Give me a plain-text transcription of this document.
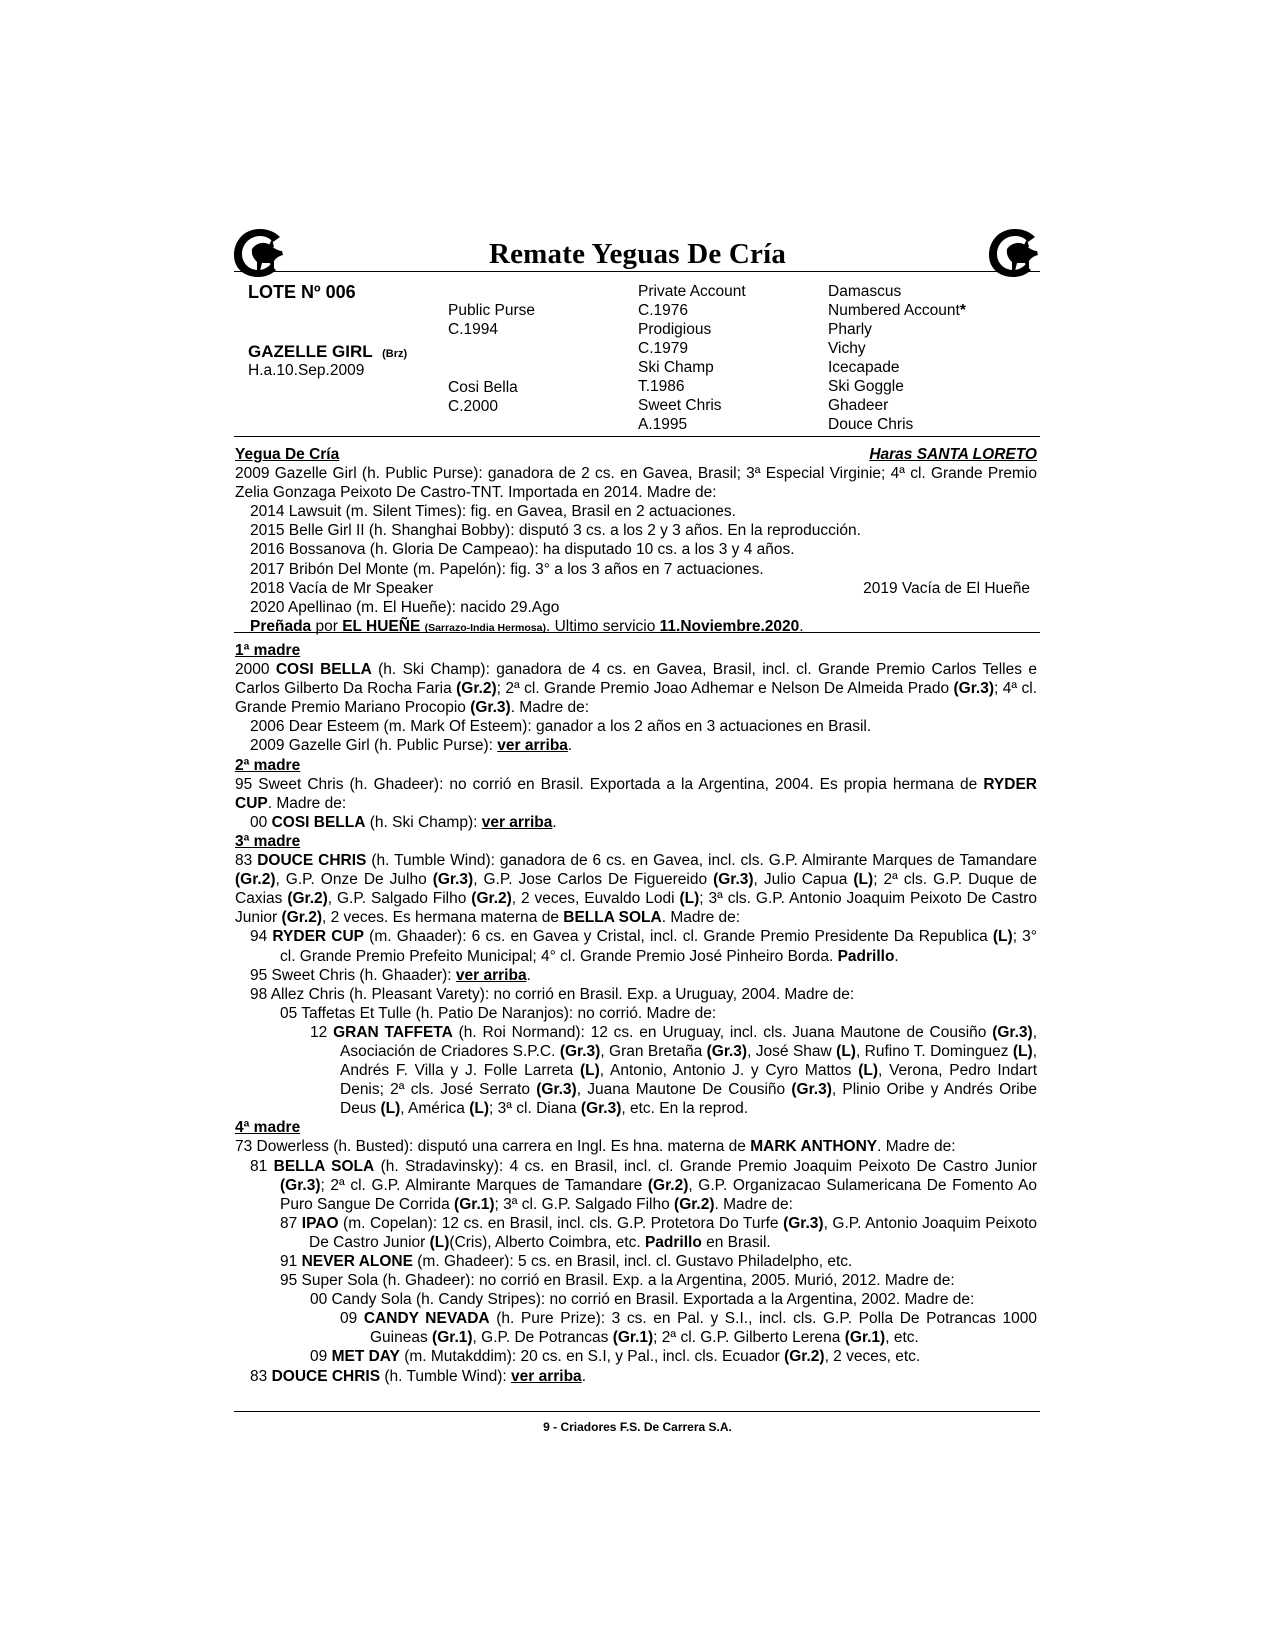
Remate Yeguas De Cría
LOTE Nº 006
GAZELLE GIRL (Brz)
H.a.10.Sep.2009
Public Purse
C.1994
Cosi Bella
C.2000
Private Account
C.1976
Prodigious
C.1979
Ski Champ
T.1986
Sweet Chris
A.1995
Damascus
Numbered Account*
Pharly
Vichy
Icecapade
Ski Goggle
Ghadeer
Douce Chris
Yegua De Cría	Haras SANTA LORETO
2009 Gazelle Girl (h. Public Purse): ganadora de 2 cs. en Gavea, Brasil; 3ª Especial Virginie; 4ª cl. Grande Premio Zelia Gonzaga Peixoto De Castro-TNT. Importada en 2014. Madre de:
2014 Lawsuit (m. Silent Times): fig. en Gavea, Brasil en 2 actuaciones.
2015 Belle Girl II (h. Shanghai Bobby): disputó 3 cs. a los 2 y 3 años. En la reproducción.
2016 Bossanova (h. Gloria De Campeao): ha disputado 10 cs. a los 3 y 4 años.
2017 Bribón Del Monte (m. Papelón): fig. 3° a los 3 años en 7 actuaciones.
2018 Vacía de Mr Speaker	2019 Vacía de El Hueñe
2020 Apellinao (m. El Hueñe): nacido 29.Ago
Preñada por EL HUEÑE (Sarrazo-India Hermosa). Ultimo servicio 11.Noviembre.2020.
1ª madre
2000 COSI BELLA (h. Ski Champ): ganadora de 4 cs. en Gavea, Brasil, incl. cl. Grande Premio Carlos Telles e Carlos Gilberto Da Rocha Faria (Gr.2); 2ª cl. Grande Premio Joao Adhemar e Nelson De Almeida Prado (Gr.3); 4ª cl. Grande Premio Mariano Procopio (Gr.3). Madre de:
2006 Dear Esteem (m. Mark Of Esteem): ganador a los 2 años en 3 actuaciones en Brasil.
2009 Gazelle Girl (h. Public Purse): ver arriba.
2ª madre
95 Sweet Chris (h. Ghadeer): no corrió en Brasil. Exportada a la Argentina, 2004. Es propia hermana de RYDER CUP. Madre de:
00 COSI BELLA (h. Ski Champ): ver arriba.
3ª madre
83 DOUCE CHRIS (h. Tumble Wind): ganadora de 6 cs. en Gavea, incl. cls. G.P. Almirante Marques de Tamandare (Gr.2), G.P. Onze De Julho (Gr.3), G.P. Jose Carlos De Figuereido (Gr.3), Julio Capua (L); 2ª cls. G.P. Duque de Caxias (Gr.2), G.P. Salgado Filho (Gr.2), 2 veces, Euvaldo Lodi (L); 3ª cls. G.P. Antonio Joaquim Peixoto De Castro Junior (Gr.2), 2 veces. Es hermana materna de BELLA SOLA. Madre de:
94 RYDER CUP (m. Ghaader): 6 cs. en Gavea y Cristal, incl. cl. Grande Premio Presidente Da Republica (L); 3° cl. Grande Premio Prefeito Municipal; 4° cl. Grande Premio José Pinheiro Borda. Padrillo.
95 Sweet Chris (h. Ghaader): ver arriba.
98 Allez Chris (h. Pleasant Varety): no corrió en Brasil. Exp. a Uruguay, 2004. Madre de:
05 Taffetas Et Tulle (h. Patio De Naranjos): no corrió. Madre de:
12 GRAN TAFFETA (h. Roi Normand): 12 cs. en Uruguay, incl. cls. Juana Mautone de Cousiño (Gr.3), Asociación de Criadores S.P.C. (Gr.3), Gran Bretaña (Gr.3), José Shaw (L), Rufino T. Dominguez (L), Andrés F. Villa y J. Folle Larreta (L), Antonio, Antonio J. y Cyro Mattos (L), Verona, Pedro Indart Denis; 2ª cls. José Serrato (Gr.3), Juana Mautone De Cousiño (Gr.3), Plinio Oribe y Andrés Oribe Deus (L), América (L); 3ª cl. Diana (Gr.3), etc. En la reprod.
4ª madre
73 Dowerless (h. Busted): disputó una carrera en Ingl. Es hna. materna de MARK ANTHONY. Madre de:
81 BELLA SOLA (h. Stradavinsky): 4 cs. en Brasil, incl. cl. Grande Premio Joaquim Peixoto De Castro Junior (Gr.3); 2ª cl. G.P. Almirante Marques de Tamandare (Gr.2), G.P. Organizacao Sulamericana De Fomento Ao Puro Sangue De Corrida (Gr.1); 3ª cl. G.P. Salgado Filho (Gr.2). Madre de:
87 IPAO (m. Copelan): 12 cs. en Brasil, incl. cls. G.P. Protetora Do Turfe (Gr.3), G.P. Antonio Joaquim Peixoto De Castro Junior (L)(Cris), Alberto Coimbra, etc. Padrillo en Brasil.
91 NEVER ALONE (m. Ghadeer): 5 cs. en Brasil, incl. cl. Gustavo Philadelpho, etc.
95 Super Sola (h. Ghadeer): no corrió en Brasil. Exp. a la Argentina, 2005. Murió, 2012. Madre de:
00 Candy Sola (h. Candy Stripes): no corrió en Brasil. Exportada a la Argentina, 2002. Madre de:
09 CANDY NEVADA (h. Pure Prize): 3 cs. en Pal. y S.I., incl. cls. G.P. Polla De Potrancas 1000 Guineas (Gr.1), G.P. De Potrancas (Gr.1); 2ª cl. G.P. Gilberto Lerena (Gr.1), etc.
09 MET DAY (m. Mutakddim): 20 cs. en S.I, y Pal., incl. cls. Ecuador (Gr.2), 2 veces, etc.
83 DOUCE CHRIS (h. Tumble Wind): ver arriba.
9 - Criadores F.S. De Carrera S.A.
